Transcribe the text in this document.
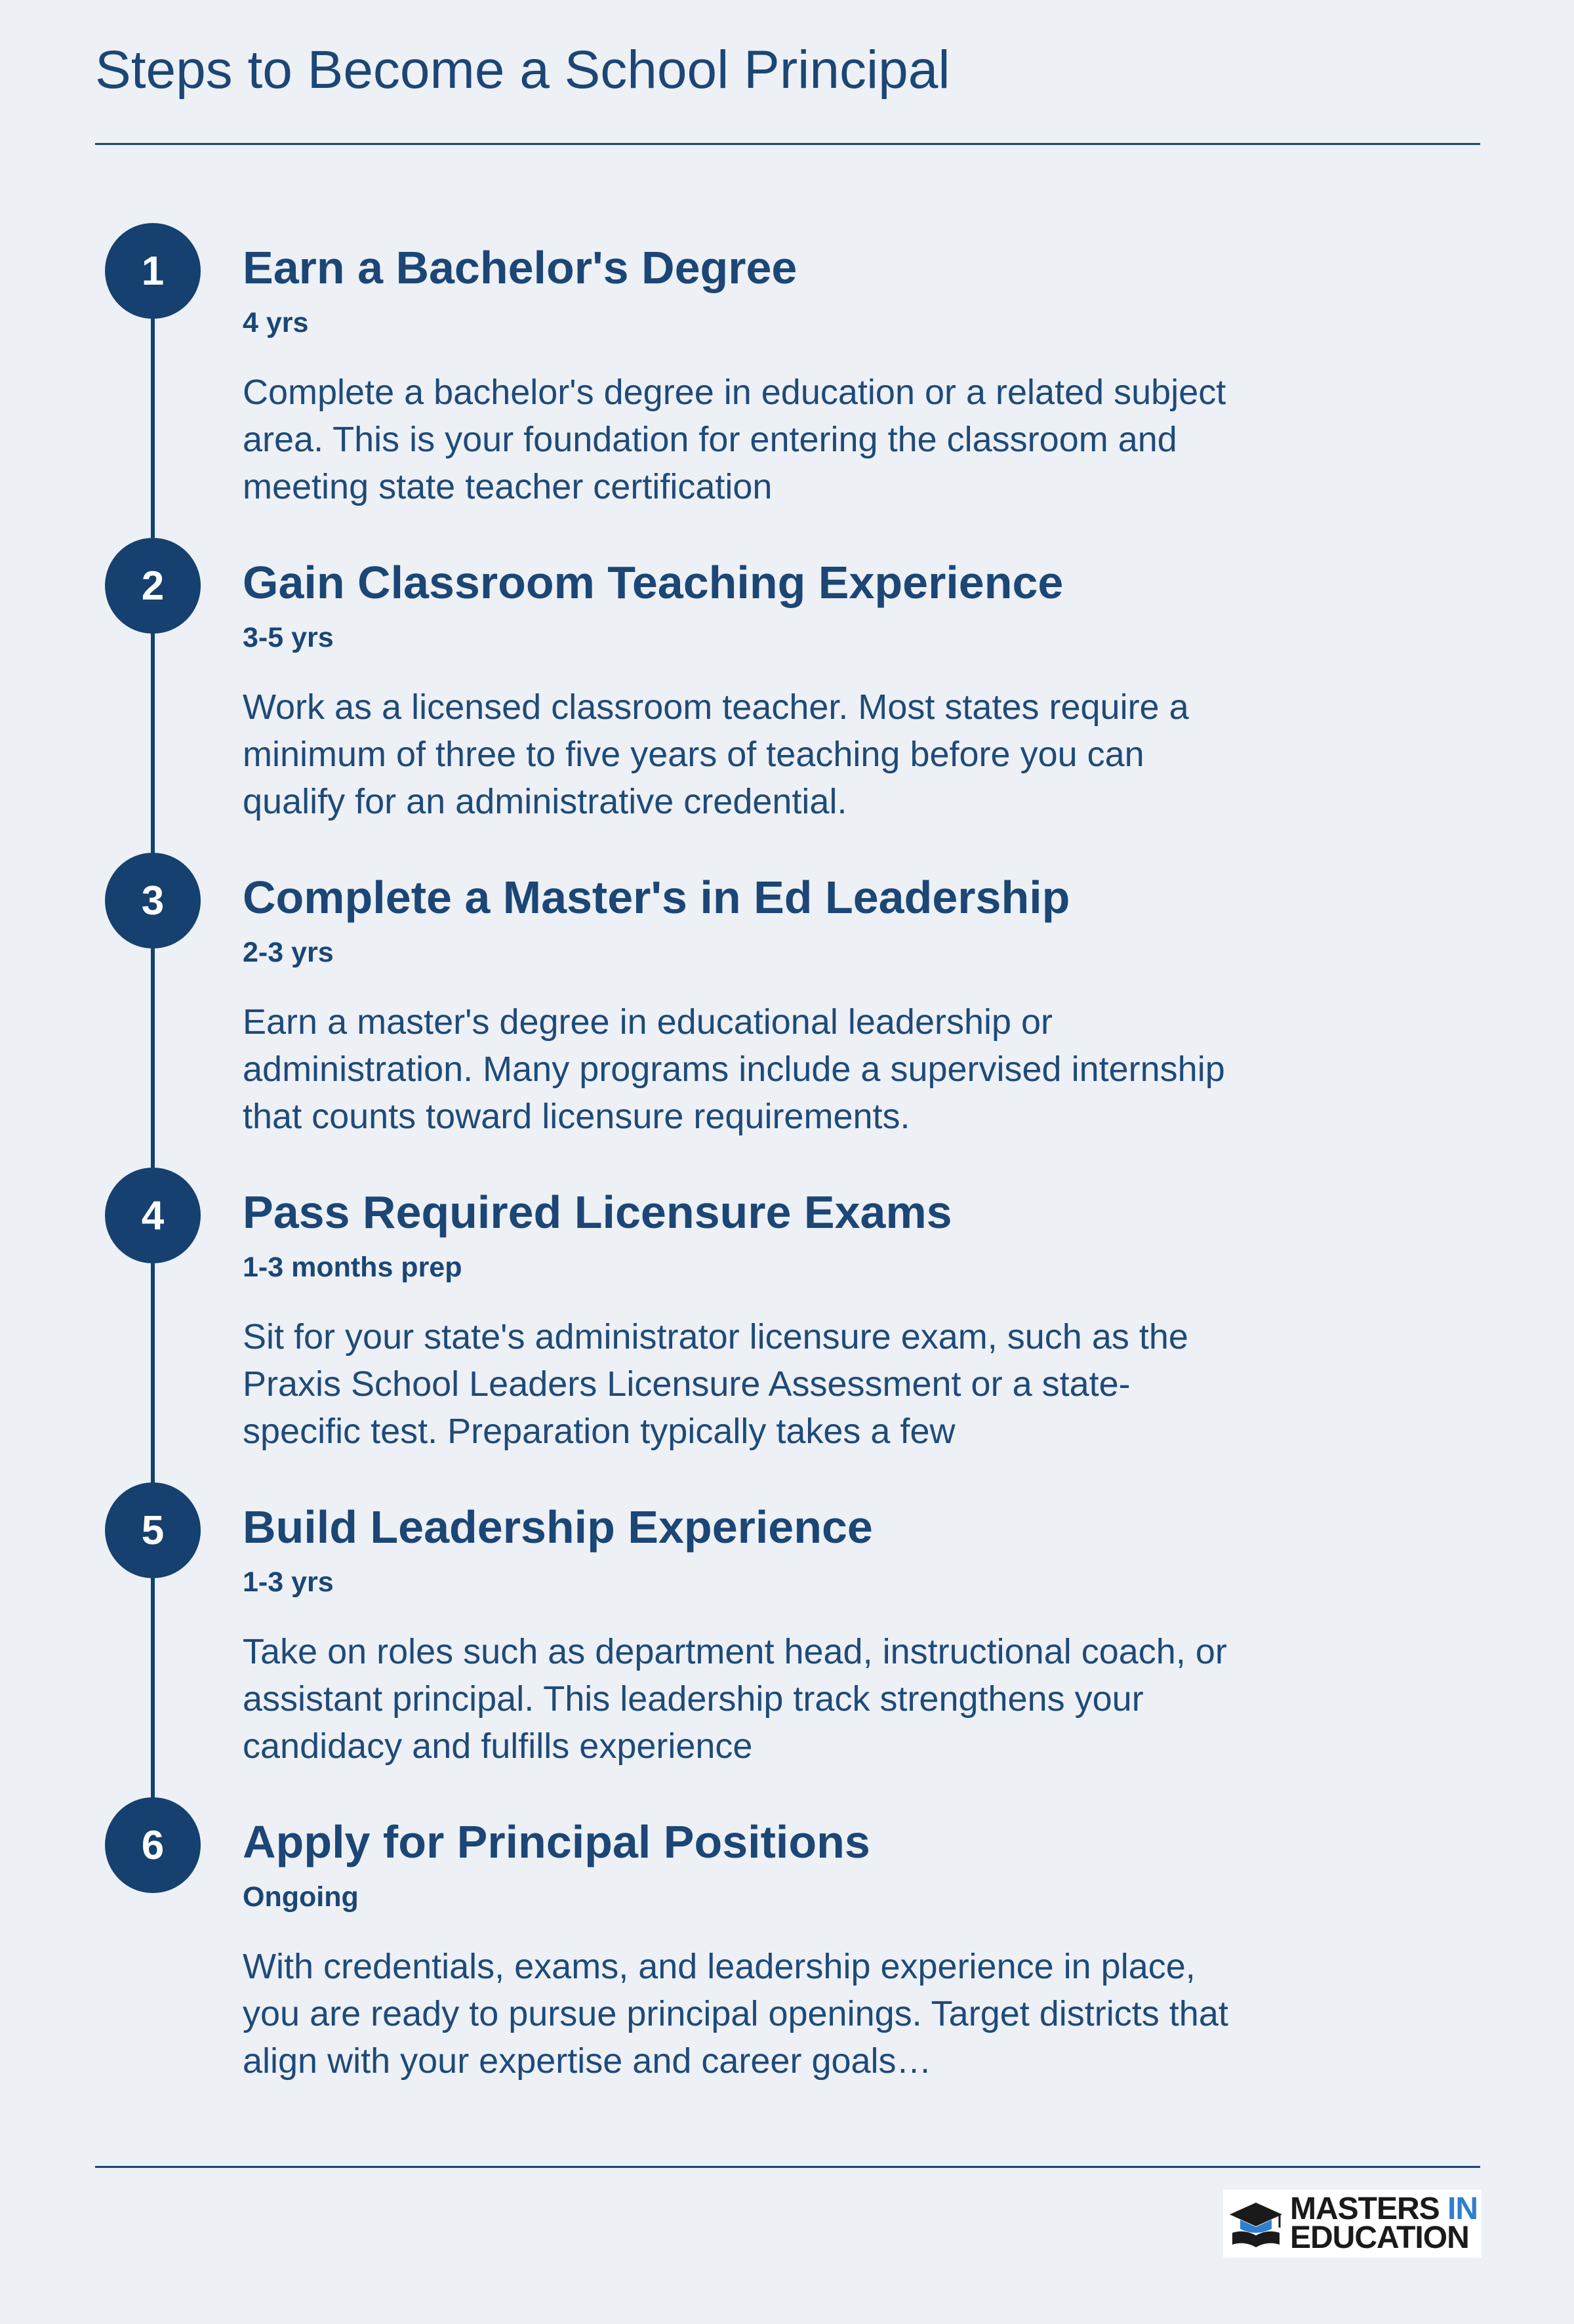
Steps to Become a School Principal
1	Earn a Bachelor's Degree
4 yrs

Complete a bachelor's degree in education or a related subject area. This is your foundation for entering the classroom and meeting state teacher certification

2	Gain Classroom Teaching Experience
3-5 yrs

Work as a licensed classroom teacher. Most states require a minimum of three to five years of teaching before you can qualify for an administrative credential.

3	Complete a Master's in Ed Leadership
2-3 yrs

Earn a master's degree in educational leadership or administration. Many programs include a supervised internship that counts toward licensure requirements.

4	Pass Required Licensure Exams
1-3 months prep

Sit for your state's administrator licensure exam, such as the Praxis School Leaders Licensure Assessment or a state-specific test. Preparation typically takes a few

5	Build Leadership Experience
1-3 yrs

Take on roles such as department head, instructional coach, or assistant principal. This leadership track strengthens your candidacy and fulfills experience

6	Apply for Principal Positions
Ongoing

With credentials, exams, and leadership experience in place, you are ready to pursue principal openings. Target districts that align with your expertise and career goals…

MASTERS IN
EDUCATION
